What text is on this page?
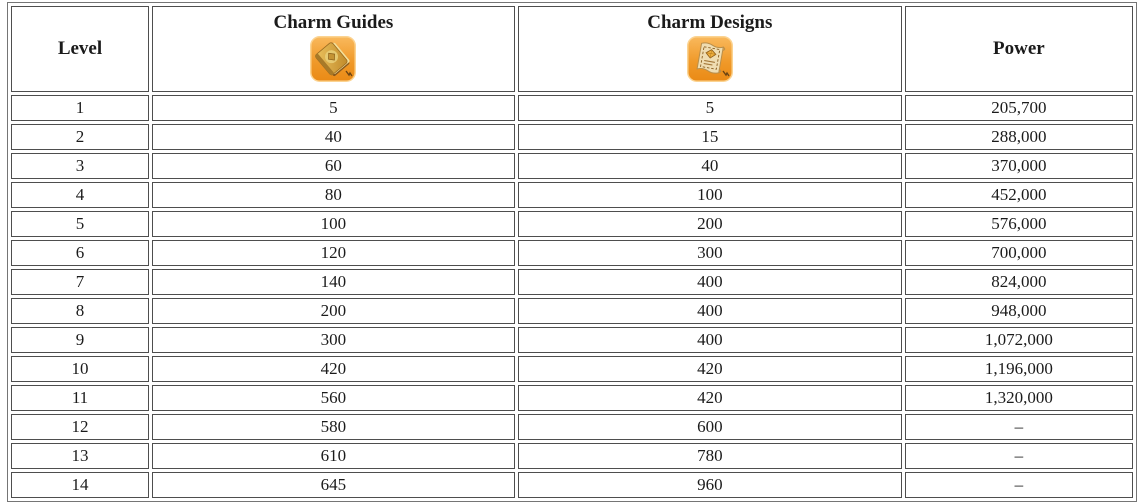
Level	Charm Guides	Charm Designs	Power
1	5	5	205,700
2	40	15	288,000
3	60	40	370,000
4	80	100	452,000
5	100	200	576,000
6	120	300	700,000
7	140	400	824,000
8	200	400	948,000
9	300	400	1,072,000
10	420	420	1,196,000
11	560	420	1,320,000
12	580	600	–
13	610	780	–
14	645	960	–
